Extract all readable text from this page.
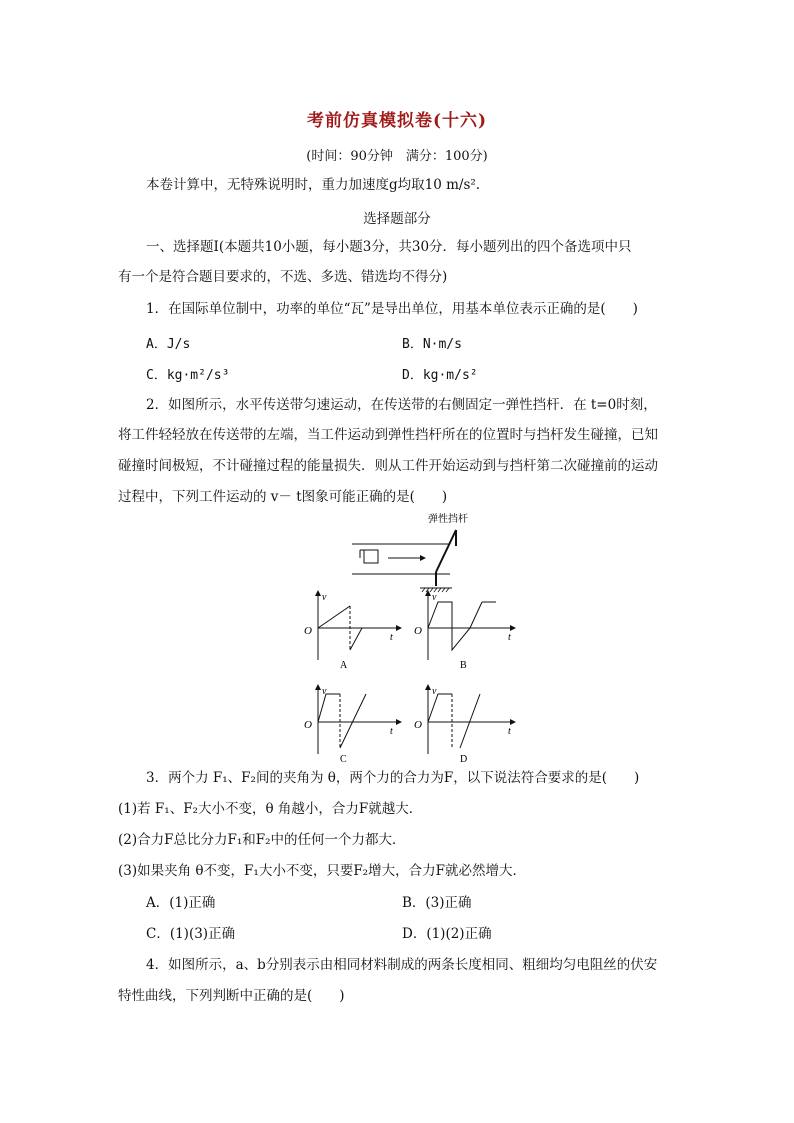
考前仿真模拟卷(十六)
(时间：90分钟　满分：100分)
本卷计算中，无特殊说明时，重力加速度g均取10 m/s².
选择题部分
一、选择题Ⅰ(本题共10小题，每小题3分，共30分．每小题列出的四个备选项中只
有一个是符合题目要求的，不选、多选、错选均不得分)
1．在国际单位制中，功率的单位“瓦”是导出单位，用基本单位表示正确的是(　　)
A．J/s	B．N·m/s
C．kg·m²/s³	D．kg·m/s²
2．如图所示，水平传送带匀速运动，在传送带的右侧固定一弹性挡杆．在 t=0时刻，
将工件轻轻放在传送带的左端，当工件运动到弹性挡杆所在的位置时与挡杆发生碰撞，已知
碰撞时间极短，不计碰撞过程的能量损失．则从工件开始运动到与挡杆第二次碰撞前的运动
过程中，下列工件运动的 v－ t图象可能正确的是(　　)
弹性挡杆
v
t
O
A
v
t
O
B
v
t
O
C
v
t
O
D
3．两个力 F₁、F₂间的夹角为 θ，两个力的合力为F，以下说法符合要求的是(　　)
(1)若 F₁、F₂大小不变，θ 角越小，合力F就越大．
(2)合力F总比分力F₁和F₂中的任何一个力都大．
(3)如果夹角 θ不变，F₁大小不变，只要F₂增大，合力F就必然增大．
A．(1)正确	B．(3)正确
C．(1)(3)正确	D．(1)(2)正确
4．如图所示，a、b分别表示由相同材料制成的两条长度相同、粗细均匀电阻丝的伏安
特性曲线，下列判断中正确的是(　　)
